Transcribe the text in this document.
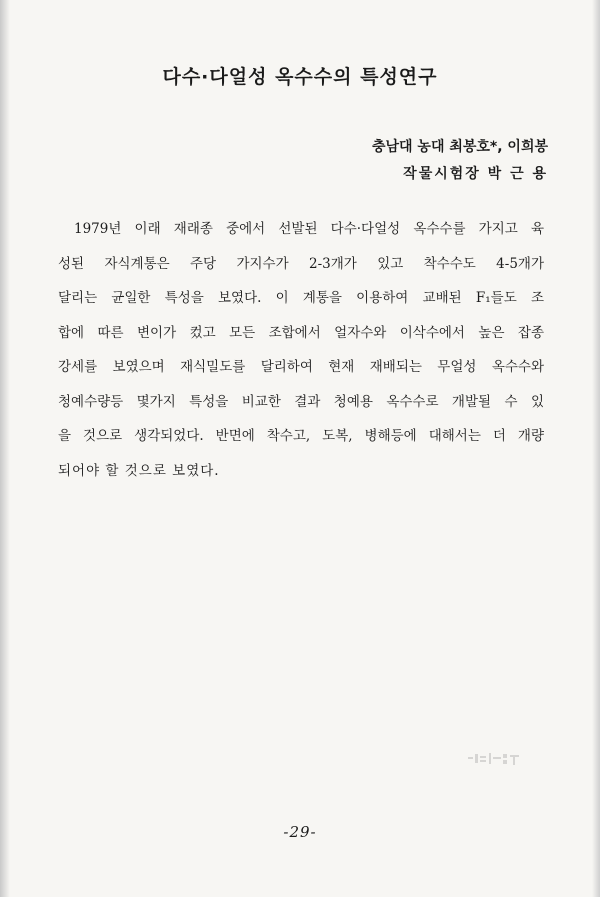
다수·다얼성 옥수수의 특성연구
충남대 농대 최봉호*, 이희봉
작물시험장 박 근 용
1979년 이래 재래종 중에서 선발된 다수·다얼성 옥수수를 가지고 육
성된 자식계통은 주당 가지수가 2-3개가 있고 착수수도 4-5개가
달리는 균일한 특성을 보였다. 이 계통을 이용하여 교배된 F₁들도 조
합에 따른 변이가 컸고 모든 조합에서 얼자수와 이삭수에서 높은 잡종
강세를 보였으며 재식밀도를 달리하여 현재 재배되는 무얼성 옥수수와
청예수량등 몇가지 특성을 비교한 결과 청예용 옥수수로 개발될 수 있
을 것으로 생각되었다. 반면에 착수고, 도복, 병해등에 대해서는 더 개량
되어야 할 것으로 보였다.
-29-
